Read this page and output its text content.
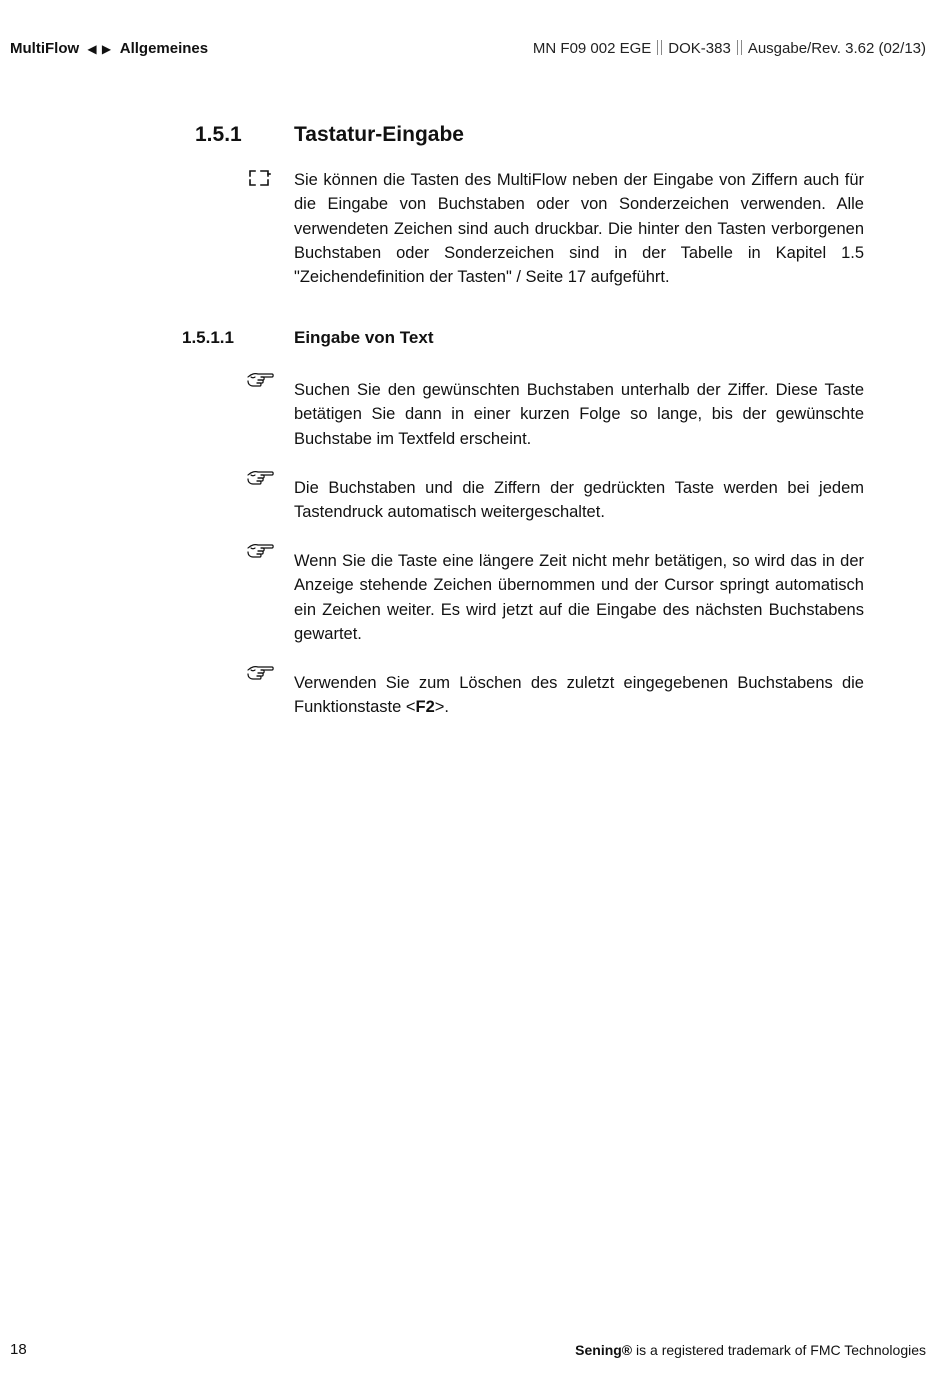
MultiFlow ◀ ▶ Allgemeines	MN F09 002 EGE DOK-383 Ausgabe/Rev. 3.62 (02/13)
1.5.1 Tastatur-Eingabe

Sie können die Tasten des MultiFlow neben der Eingabe von Ziffern auch für die Eingabe von Buchstaben oder von Sonderzeichen verwenden. Alle verwendeten Zeichen sind auch druckbar. Die hinter den Tasten verborgenen Buchstaben oder Sonderzeichen sind in der Tabelle in Kapitel 1.5 "Zeichendefinition der Tasten" / Seite 17 aufgeführt.

1.5.1.1	Eingabe von Text

Suchen Sie den gewünschten Buchstaben unterhalb der Ziffer. Diese Taste betätigen Sie dann in einer kurzen Folge so lange, bis der gewünschte Buchstabe im Textfeld erscheint.

Die Buchstaben und die Ziffern der gedrückten Taste werden bei jedem Tastendruck automatisch weitergeschaltet.

Wenn Sie die Taste eine längere Zeit nicht mehr betätigen, so wird das in der Anzeige stehende Zeichen übernommen und der Cursor springt automatisch ein Zeichen weiter. Es wird jetzt auf die Eingabe des nächsten Buchstabens gewartet.

Verwenden Sie zum Löschen des zuletzt eingegebenen Buchstabens die Funktionstaste <F2>.

18	Sening® is a registered trademark of FMC Technologies
